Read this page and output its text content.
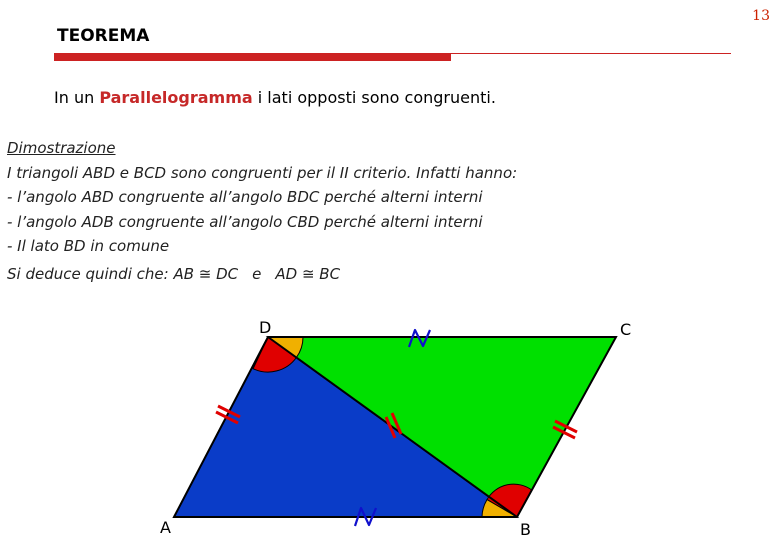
13
TEOREMA
In un Parallelogramma i lati opposti sono congruenti.
Dimostrazione
I triangoli ABD e BCD sono congruenti per il II criterio. Infatti hanno:
- l’angolo ABD congruente all’angolo BDC perché alterni interni
- l’angolo ADB congruente all’angolo CBD perché alterni interni
- Il lato BD in comune
Si deduce quindi che: AB ≅ DC e AD ≅ BC
D	C
A	B
